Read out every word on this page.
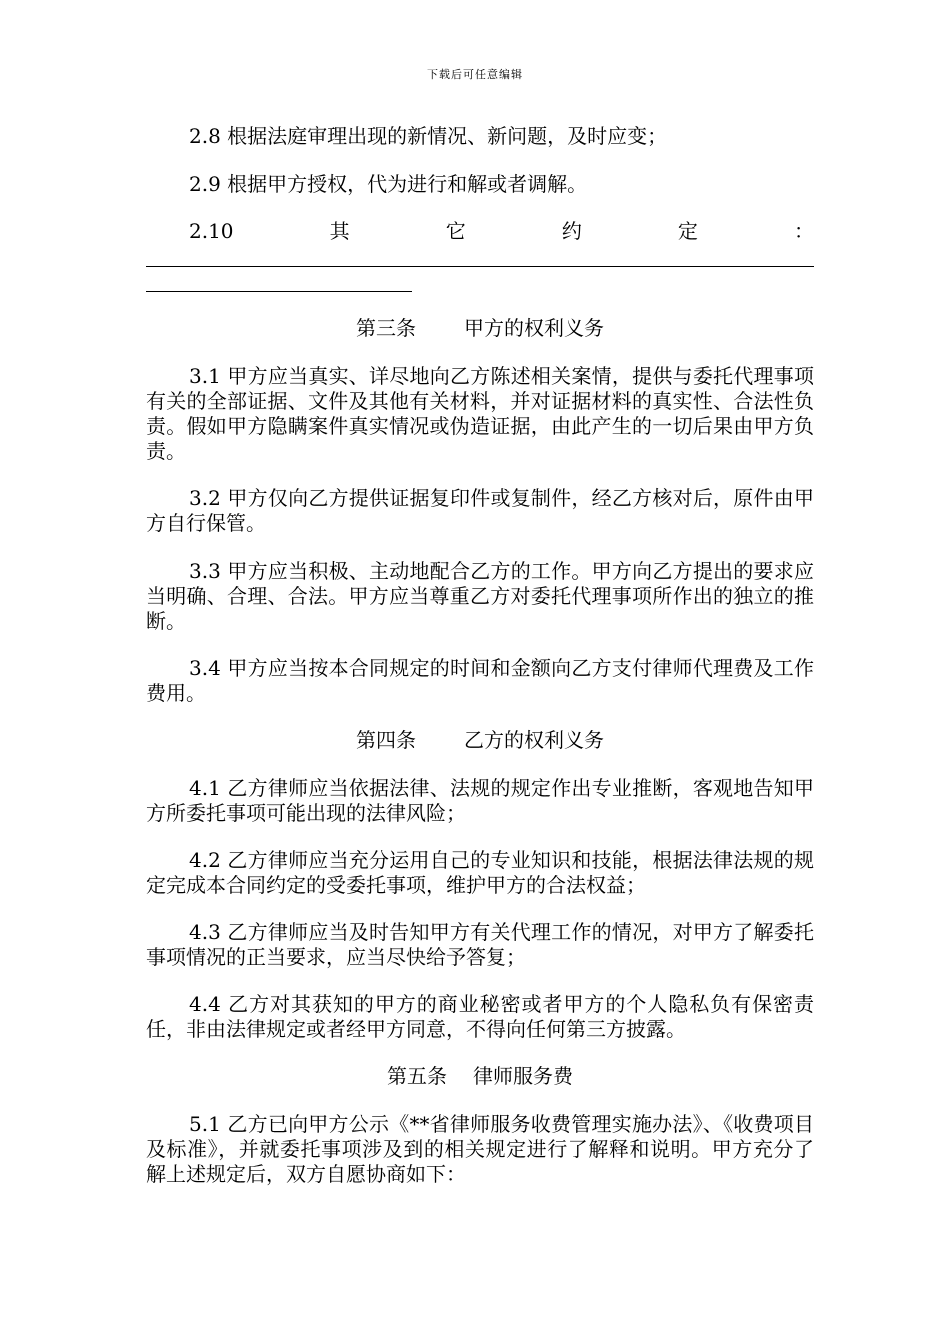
下载后可任意编辑

2.8 根据法庭审理出现的新情况、新问题，及时应变；

2.9 根据甲方授权，代为进行和解或者调解。

2.10	其	它	约	定	：
第三条 甲方的权利义务

3.1 甲方应当真实、详尽地向乙方陈述相关案情，提供与委托代理事项有关的全部证据、文件及其他有关材料，并对证据材料的真实性、合法性负责。假如甲方隐瞒案件真实情况或伪造证据，由此产生的一切后果由甲方负责。

3.2 甲方仅向乙方提供证据复印件或复制件，经乙方核对后，原件由甲方自行保管。

3.3 甲方应当积极、主动地配合乙方的工作。甲方向乙方提出的要求应当明确、合理、合法。甲方应当尊重乙方对委托代理事项所作出的独立的推断。

3.4 甲方应当按本合同规定的时间和金额向乙方支付律师代理费及工作费用。

第四条 乙方的权利义务

4.1 乙方律师应当依据法律、法规的规定作出专业推断，客观地告知甲方所委托事项可能出现的法律风险；

4.2 乙方律师应当充分运用自己的专业知识和技能，根据法律法规的规定完成本合同约定的受委托事项，维护甲方的合法权益；

4.3 乙方律师应当及时告知甲方有关代理工作的情况，对甲方了解委托事项情况的正当要求，应当尽快给予答复；

4.4 乙方对其获知的甲方的商业秘密或者甲方的个人隐私负有保密责任，非由法律规定或者经甲方同意，不得向任何第三方披露。

第五条 律师服务费

5.1 乙方已向甲方公示《**省律师服务收费管理实施办法》、《收费项目及标准》，并就委托事项涉及到的相关规定进行了解释和说明。甲方充分了解上述规定后，双方自愿协商如下：
